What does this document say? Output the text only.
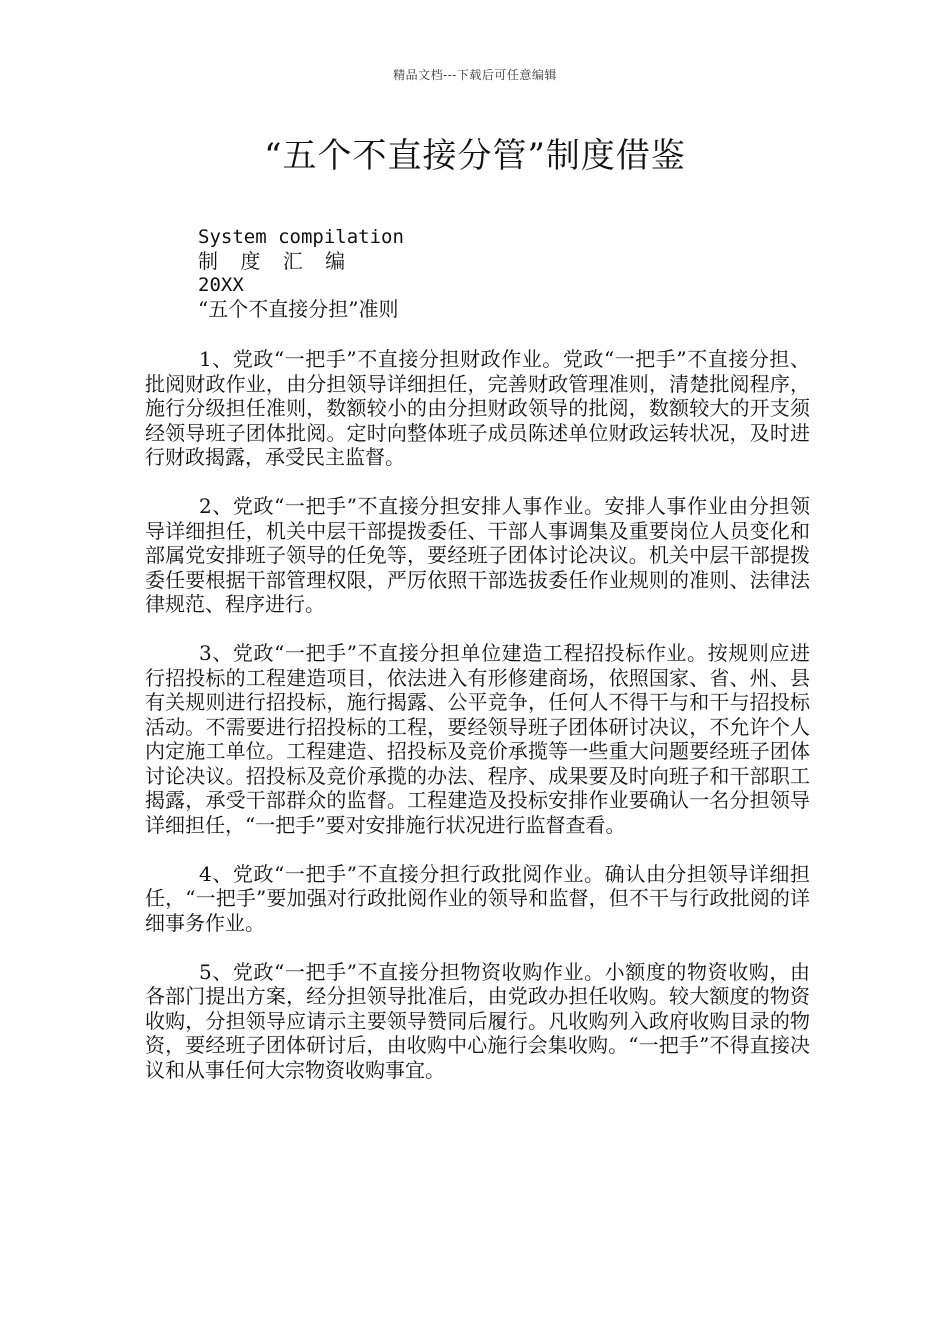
精品文档---下载后可任意编辑
“五个不直接分管”制度借鉴
System compilation
制 度 汇 编
20XX
“五个不直接分担”准则

1、党政“一把手”不直接分担财政作业。党政“一把手”不直接分担、批阅财政作业，由分担领导详细担任，完善财政管理准则，清楚批阅程序，施行分级担任准则，数额较小的由分担财政领导的批阅，数额较大的开支须经领导班子团体批阅。定时向整体班子成员陈述单位财政运转状况，及时进行财政揭露，承受民主监督。

2、党政“一把手”不直接分担安排人事作业。安排人事作业由分担领导详细担任，机关中层干部提拨委任、干部人事调集及重要岗位人员变化和部属党安排班子领导的任免等，要经班子团体讨论决议。机关中层干部提拨委任要根据干部管理权限，严厉依照干部选拔委任作业规则的准则、法律法律规范、程序进行。

3、党政“一把手”不直接分担单位建造工程招投标作业。按规则应进行招投标的工程建造项目，依法进入有形修建商场，依照国家、省、州、县有关规则进行招投标，施行揭露、公平竞争，任何人不得干与和干与招投标活动。不需要进行招投标的工程，要经领导班子团体研讨决议，不允许个人内定施工单位。工程建造、招投标及竞价承揽等一些重大问题要经班子团体讨论决议。招投标及竞价承揽的办法、程序、成果要及时向班子和干部职工揭露，承受干部群众的监督。工程建造及投标安排作业要确认一名分担领导详细担任，“一把手”要对安排施行状况进行监督查看。

4、党政“一把手”不直接分担行政批阅作业。确认由分担领导详细担任，“一把手”要加强对行政批阅作业的领导和监督，但不干与行政批阅的详细事务作业。

5、党政“一把手”不直接分担物资收购作业。小额度的物资收购，由各部门提出方案，经分担领导批准后，由党政办担任收购。较大额度的物资收购，分担领导应请示主要领导赞同后履行。凡收购列入政府收购目录的物资，要经班子团体研讨后，由收购中心施行会集收购。“一把手”不得直接决议和从事任何大宗物资收购事宜。
